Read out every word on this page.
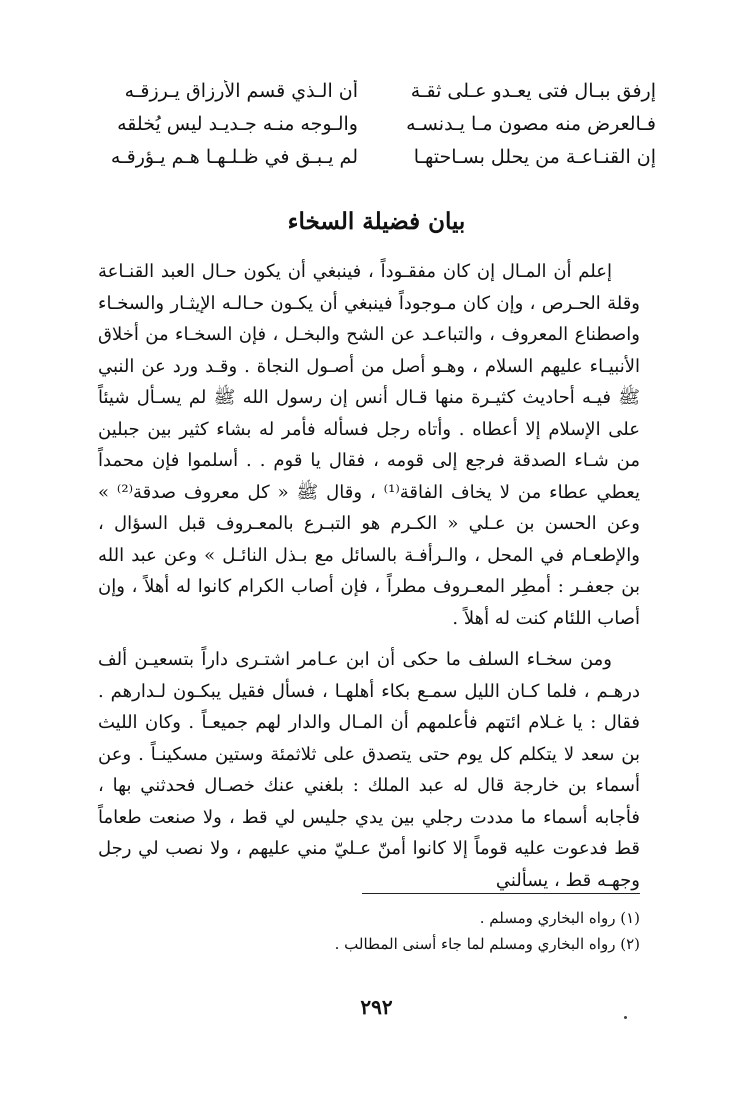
إرفق ببـال فتى يعـدو عـلى ثقـة
أن الـذي قسم الأرزاق يـرزقـه
فـالعرض منه مصون مـا يـدنسـه
والـوجه منـه جـديـد ليس يُخلقه
إن القنـاعـة من يحلل بسـاحتهـا
لم يـبـق في ظـلـهـا هـم يـؤرقـه
بيان فضيلة السخاء

إعلم أن المـال إن كان مفقـوداً ، فينبغي أن يكون حـال العبد القنـاعة وقلة الحـرص ، وإن كان مـوجوداً فينبغي أن يكـون حـالـه الإيثـار والسخـاء واصطناع المعروف ، والتباعـد عن الشح والبخـل ، فإن السخـاء من أخلاق الأنبيـاء عليهم السلام ، وهـو أصل من أصـول النجاة . وقـد ورد عن النبي ﷺ فيـه أحاديث كثيـرة منها قـال أنس إن رسول الله ﷺ لم يسـأل شيئاً على الإسلام إلا أعطاه . وأتاه رجل فسأله فأمر له بشاء كثير بين جبلين من شـاء الصدقة فرجع إلى قومه ، فقال يا قوم . . أسلموا فإن محمداً يعطي عطاء من لا يخاف الفاقة⁽¹⁾ ، وقال ﷺ « كل معروف صدقة⁽²⁾ » وعن الحسن بن عـلي « الكـرم هو التبـرع بالمعـروف قبل السؤال ، والإطعـام في المحل ، والـرأفـة بالسائل مع بـذل النائـل » وعن عبد الله بن جعفـر : أمطِر المعـروف مطراً ، فإن أصاب الكرام كانوا له أهلاً ، وإن أصاب اللئام كنت له أهلاً .

ومن سخـاء السلف ما حكى أن ابن عـامر اشتـرى داراً بتسعيـن ألف درهـم ، فلما كـان الليل سمـع بكاء أهلهـا ، فسأل فقيل يبكـون لـدارهم . فقال : يا غـلام ائتهم فأعلمهم أن المـال والدار لهم جميعـاً . وكان الليث بن سعد لا يتكلم كل يوم حتى يتصدق على ثلاثمئة وستين مسكينـاً . وعن أسماء بن خارجة قال له عبد الملك : بلغني عنك خصـال فحدثني بها ، فأجابه أسماء ما مددت رجلي بين يدي جليس لي قط ، ولا صنعت طعاماً قط فدعوت عليه قوماً إلا كانوا أمنّ عـليّ مني عليهم ، ولا نصب لي رجل وجهـه قط ، يسألني

(١) رواه البخاري ومسلم .
(٢) رواه البخاري ومسلم لما جاء أسنى المطالب .
٢٩٢
